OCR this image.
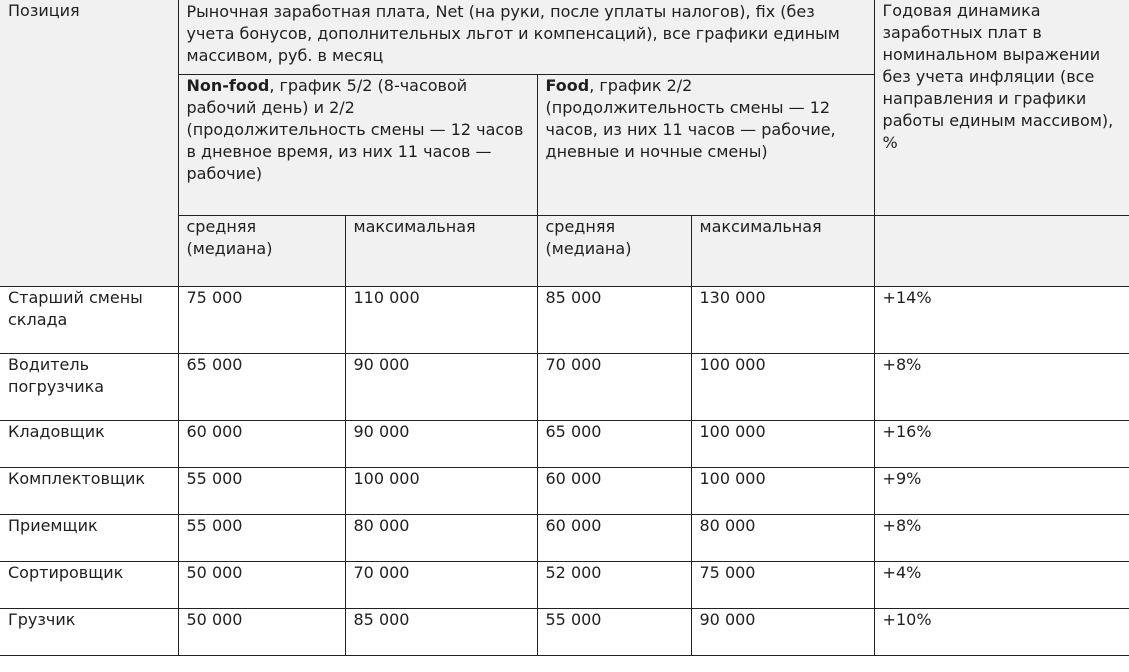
Позиция	Рыночная заработная плата, Net (на руки, после уплаты налогов), fix (без учета бонусов, дополнительных льгот и компенсаций), все графики единым массивом, руб. в месяц				Годовая динамика заработных плат в номинальном выражении без учета инфляции (все направления и графики работы единым массивом), %
	Non-food, график 5/2 (8-часовой рабочий день) и 2/2 (продолжительность смены — 12 часов в дневное время, из них 11 часов — рабочие)		Food, график 2/2 (продолжительность смены — 12 часов, из них 11 часов — рабочие, дневные и ночные смены)		
	средняя (медиана)	максимальная	средняя (медиана)	максимальная	
Старший смены склада	75 000	110 000	85 000	130 000	+14%
Водитель погрузчика	65 000	90 000	70 000	100 000	+8%
Кладовщик	60 000	90 000	65 000	100 000	+16%
Комплектовщик	55 000	100 000	60 000	100 000	+9%
Приемщик	55 000	80 000	60 000	80 000	+8%
Сортировщик	50 000	70 000	52 000	75 000	+4%
Грузчик	50 000	85 000	55 000	90 000	+10%
